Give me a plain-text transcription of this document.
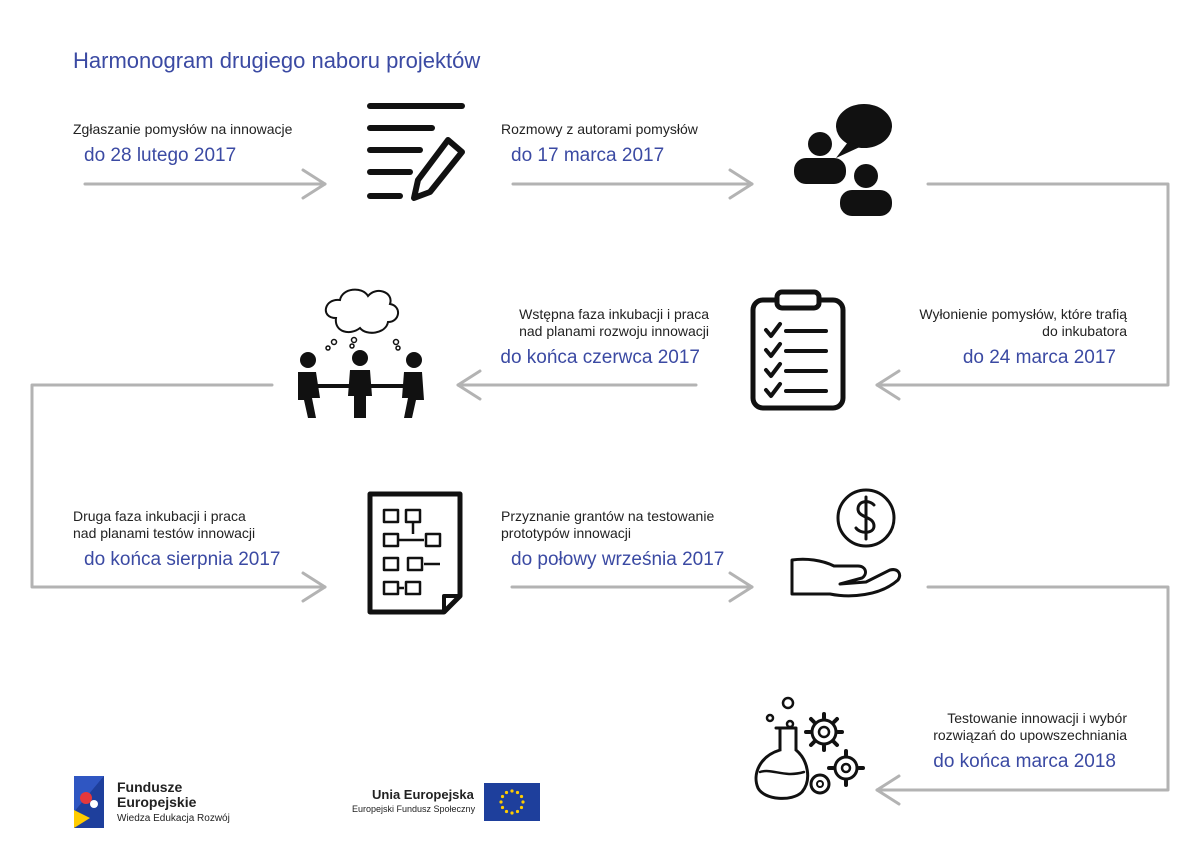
Harmonogram drugiego naboru projektów
Zgłaszanie pomysłów na innowacje
do 28 lutego 2017
Rozmowy z autorami pomysłów
do 17 marca 2017
Wyłonienie pomysłów, które trafią
do inkubatora
do 24 marca 2017
Wstępna faza inkubacji i praca
nad planami rozwoju innowacji
do końca czerwca 2017
Druga faza inkubacji i praca
nad planami testów innowacji
do końca sierpnia 2017
Przyznanie grantów na testowanie
prototypów innowacji
do połowy września 2017
Testowanie innowacji i wybór
rozwiązań do upowszechniania
do końca marca 2018
Fundusze
Europejskie
Wiedza Edukacja Rozwój
Unia Europejska
Europejski Fundusz Społeczny
